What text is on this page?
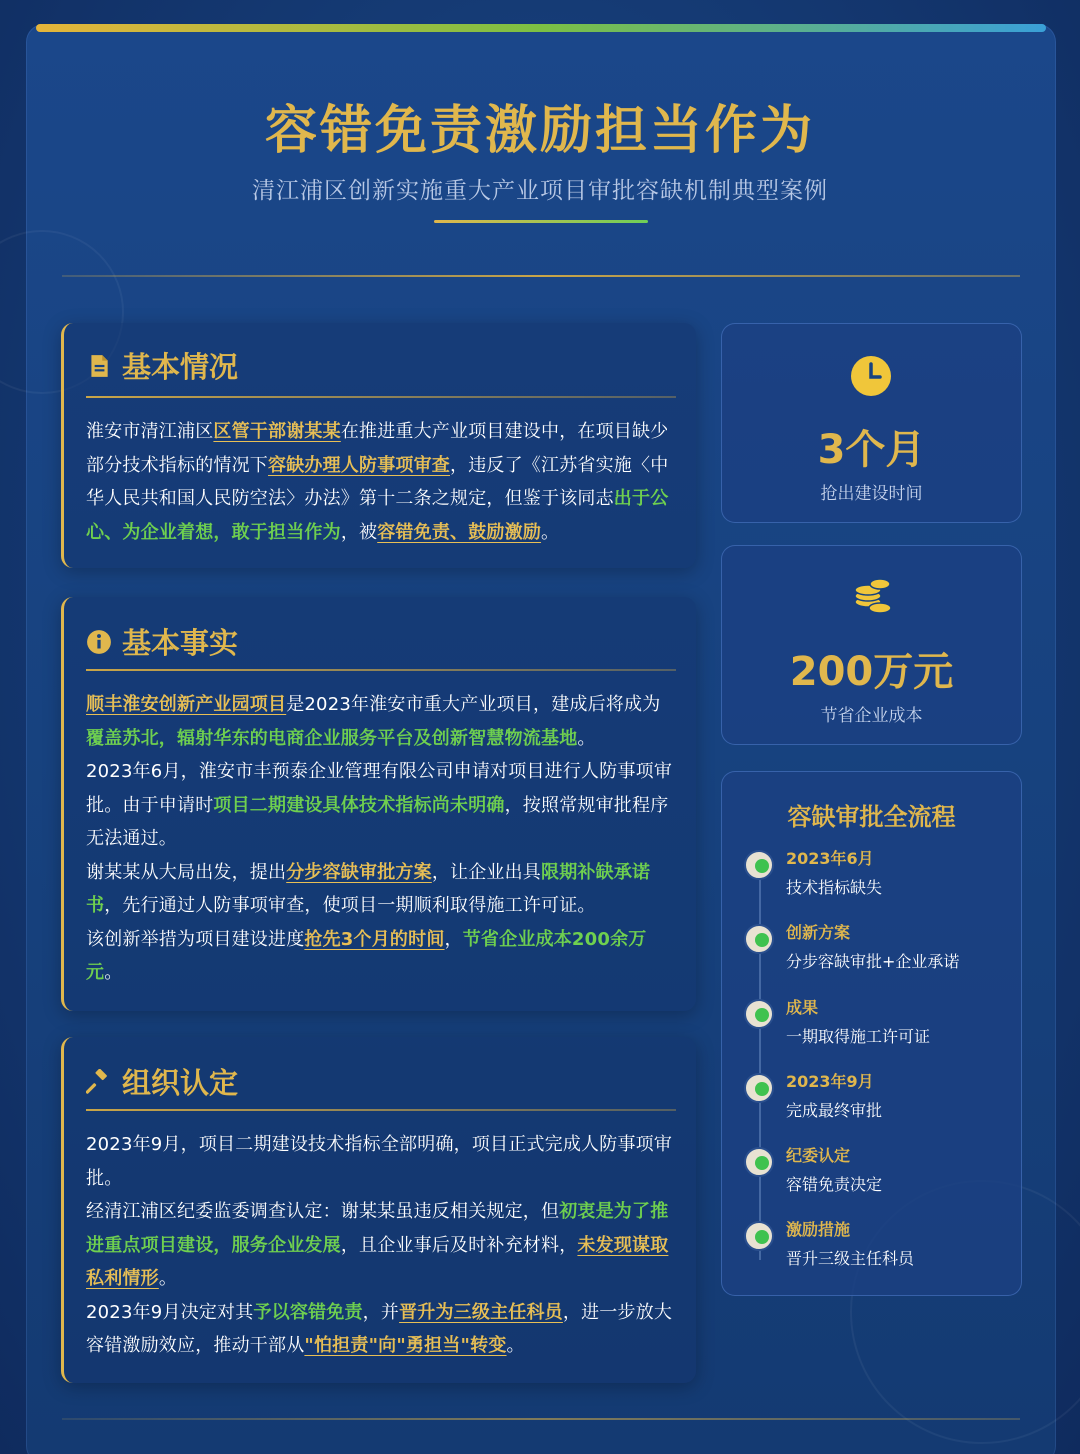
容错免责激励担当作为
清江浦区创新实施重大产业项目审批容缺机制典型案例
基本情况
淮安市清江浦区区管干部谢某某在推进重大产业项目建设中，在项目缺少部分技术指标的情况下容缺办理人防事项审查，违反了《江苏省实施〈中华人民共和国人民防空法〉办法》第十二条之规定，但鉴于该同志出于公心、为企业着想，敢于担当作为，被容错免责、鼓励激励。
基本事实
顺丰淮安创新产业园项目是2023年淮安市重大产业项目，建成后将成为覆盖苏北，辐射华东的电商企业服务平台及创新智慧物流基地。
2023年6月，淮安市丰预泰企业管理有限公司申请对项目进行人防事项审批。由于申请时项目二期建设具体技术指标尚未明确，按照常规审批程序无法通过。
谢某某从大局出发，提出分步容缺审批方案，让企业出具限期补缺承诺书，先行通过人防事项审查，使项目一期顺利取得施工许可证。
该创新举措为项目建设进度抢先3个月的时间，节省企业成本200余万元。
组织认定
2023年9月，项目二期建设技术指标全部明确，项目正式完成人防事项审批。
经清江浦区纪委监委调查认定：谢某某虽违反相关规定，但初衷是为了推进重点项目建设，服务企业发展，且企业事后及时补充材料，未发现谋取私利情形。
2023年9月决定对其予以容错免责，并晋升为三级主任科员，进一步放大容错激励效应，推动干部从"怕担责"向"勇担当"转变。
3个月
抢出建设时间
200万元
节省企业成本
容缺审批全流程
2023年6月
技术指标缺失
创新方案
分步容缺审批+企业承诺
成果
一期取得施工许可证
2023年9月
完成最终审批
纪委认定
容错免责决定
激励措施
晋升三级主任科员
